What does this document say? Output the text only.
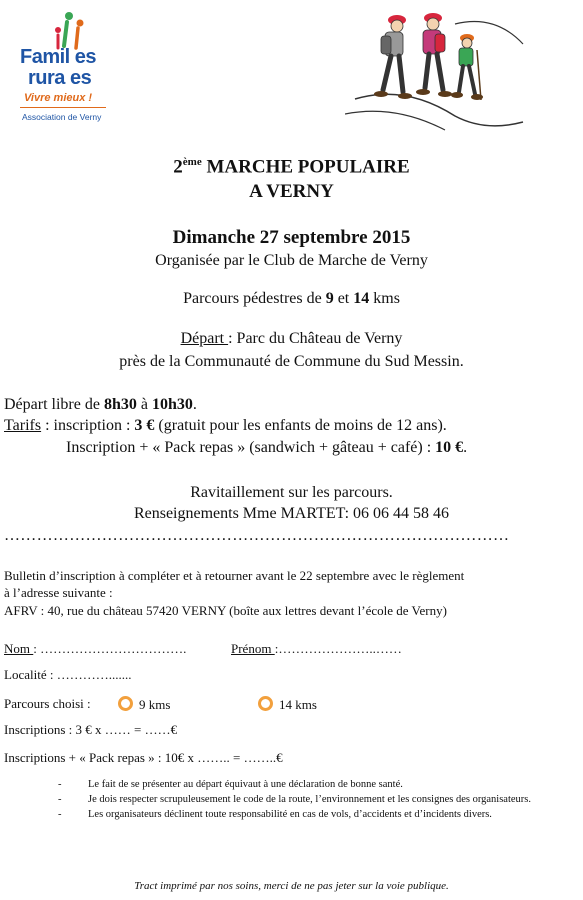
Famil es
rura es
Vivre mieux !
Association de Verny
2ème MARCHE POPULAIRE
A VERNY
Dimanche 27 septembre 2015
Organisée par le Club de Marche de Verny
Parcours pédestres de 9 et 14 kms
Départ : Parc du Château de Verny
près de la Communauté de Commune du Sud Messin.
Départ libre de 8h30 à 10h30.
Tarifs : inscription : 3 € (gratuit pour les enfants de moins de 12 ans).
Inscription + « Pack repas » (sandwich + gâteau + café) : 10 €.
Ravitaillement sur les parcours.
Renseignements Mme MARTET: 06 06 44 58 46
…………………………………………………………………………………
Bulletin d’inscription à compléter et à retourner avant le 22 septembre avec le règlement
à l’adresse suivante :
AFRV : 40, rue du château 57420 VERNY (boîte aux lettres devant l’école de Verny)
Nom : …………………………….	Prénom :…………………..……
Localité : ………….......
Parcours choisi :	9 kms	14 kms
Inscriptions : 3 € x …… = ……€
Inscriptions + « Pack repas » : 10€ x …….. = ……..€
-	Le fait de se présenter au départ équivaut à une déclaration de bonne santé.
-	Je dois respecter scrupuleusement le code de la route, l’environnement et les consignes des organisateurs.
-	Les organisateurs déclinent toute responsabilité en cas de vols, d’accidents et d’incidents divers.
Tract imprimé par nos soins, merci de ne pas jeter sur la voie publique.
